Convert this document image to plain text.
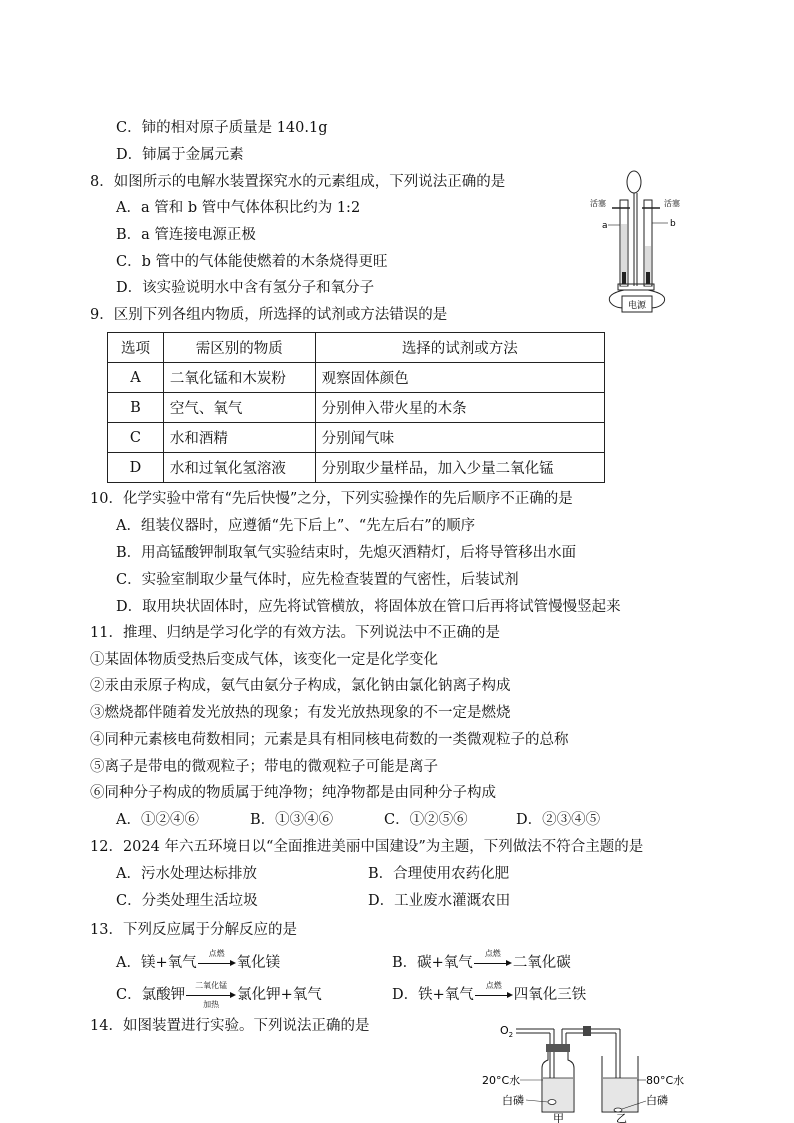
C．铈的相对原子质量是 140.1g
D．铈属于金属元素
8．如图所示的电解水装置探究水的元素组成，下列说法正确的是
A．a 管和 b 管中气体体积比约为 1:2
B．a 管连接电源正极
C．b 管中的气体能使燃着的木条烧得更旺
D．该实验说明水中含有氢分子和氧分子
电源
活塞	活塞
a	b
9．区别下列各组内物质，所选择的试剂或方法错误的是
选项	需区别的物质	选择的试剂或方法
A	二氧化锰和木炭粉	观察固体颜色
B	空气、氧气	分别伸入带火星的木条
C	水和酒精	分别闻气味
D	水和过氧化氢溶液	分别取少量样品，加入少量二氧化锰
10．化学实验中常有“先后快慢”之分，下列实验操作的先后顺序不正确的是
A．组装仪器时，应遵循“先下后上”、“先左后右”的顺序
B．用高锰酸钾制取氧气实验结束时，先熄灭酒精灯，后将导管移出水面
C．实验室制取少量气体时，应先检查装置的气密性，后装试剂
D．取用块状固体时，应先将试管横放，将固体放在管口后再将试管慢慢竖起来
11．推理、归纳是学习化学的有效方法。下列说法中不正确的是
①某固体物质受热后变成气体，该变化一定是化学变化
②汞由汞原子构成，氨气由氨分子构成，氯化钠由氯化钠离子构成
③燃烧都伴随着发光放热的现象；有发光放热现象的不一定是燃烧
④同种元素核电荷数相同；元素是具有相同核电荷数的一类微观粒子的总称
⑤离子是带电的微观粒子；带电的微观粒子可能是离子
⑥同种分子构成的物质属于纯净物；纯净物都是由同种分子构成
A．①②④⑥	B．①③④⑥	C．①②⑤⑥	D．②③④⑤
12．2024 年六五环境日以“全面推进美丽中国建设”为主题，下列做法不符合主题的是
A．污水处理达标排放	B．合理使用农药化肥
C．分类处理生活垃圾	D．工业废水灌溉农田
13．下列反应属于分解反应的是
A．镁+氧气
点燃
氧化镁	B．碳+氧气
点燃
二氧化碳
C．氯酸钾
二氧化锰
加热
氯化钾+氧气	D．铁+氧气
点燃
四氧化三铁
14．如图装置进行实验。下列说法正确的是	$O_2$
20°C水
白磷
80°C水
白磷
甲	乙
